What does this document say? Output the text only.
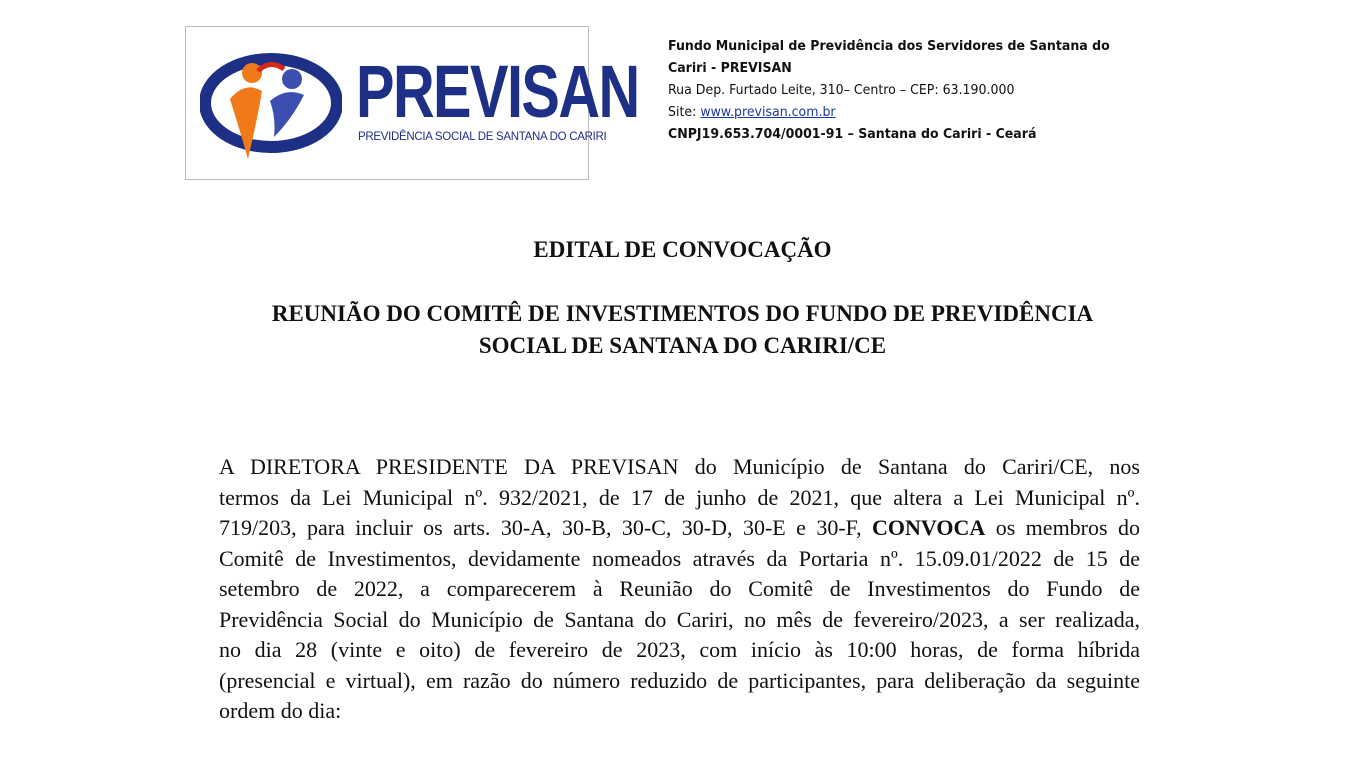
PREVISAN
PREVIDÊNCIA SOCIAL DE SANTANA DO CARIRI
Fundo Municipal de Previdência dos Servidores de Santana do
Cariri - PREVISAN
Rua Dep. Furtado Leite, 310– Centro – CEP: 63.190.000
Site: www.previsan.com.br
CNPJ19.653.704/0001-91 – Santana do Cariri - Ceará
EDITAL DE CONVOCAÇÃO
REUNIÃO DO COMITÊ DE INVESTIMENTOS DO FUNDO DE PREVIDÊNCIA
SOCIAL DE SANTANA DO CARIRI/CE
A DIRETORA PRESIDENTE DA PREVISAN do Município de Santana do Cariri/CE, nos
termos da Lei Municipal nº. 932/2021, de 17 de junho de 2021, que altera a Lei Municipal nº.
719/203, para incluir os arts. 30-A, 30-B, 30-C, 30-D, 30-E e 30-F, CONVOCA os membros do
Comitê de Investimentos, devidamente nomeados através da Portaria nº. 15.09.01/2022 de 15 de
setembro de 2022, a comparecerem à Reunião do Comitê de Investimentos do Fundo de
Previdência Social do Município de Santana do Cariri, no mês de fevereiro/2023, a ser realizada,
no dia 28 (vinte e oito) de fevereiro de 2023, com início às 10:00 horas, de forma híbrida
(presencial e virtual), em razão do número reduzido de participantes, para deliberação da seguinte
ordem do dia:
